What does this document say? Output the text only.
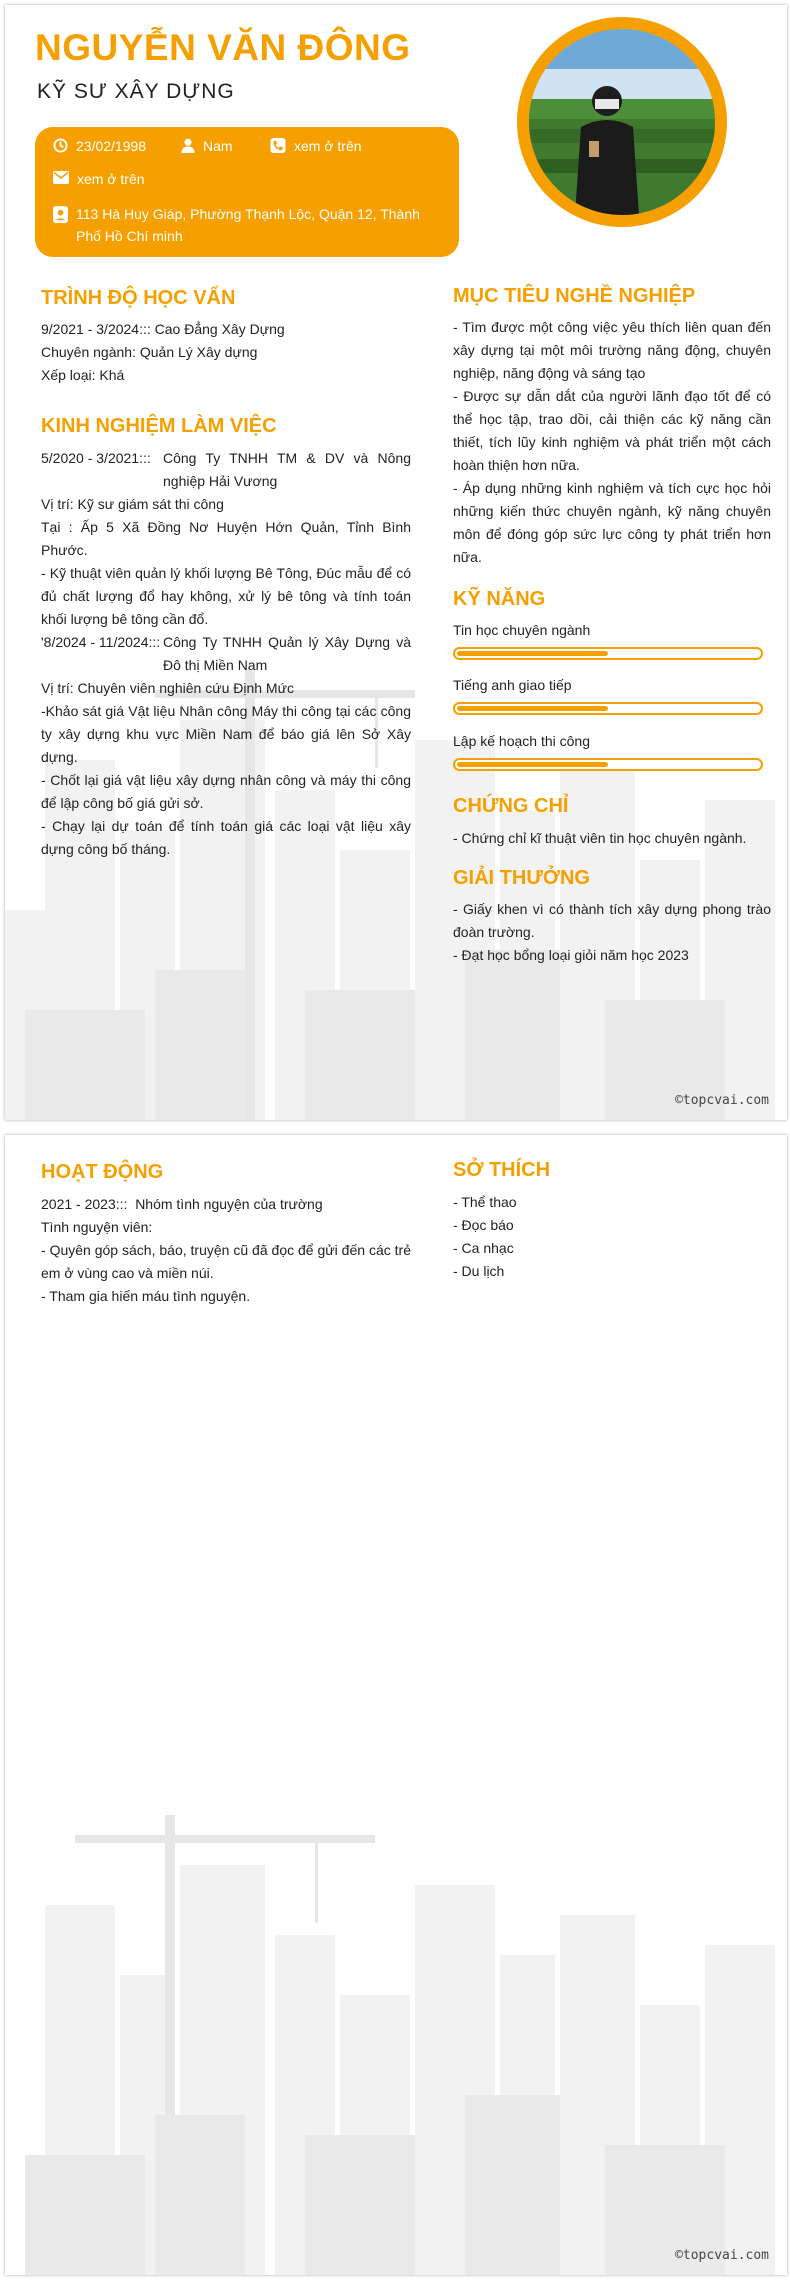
NGUYỄN VĂN ĐÔNG
KỸ SƯ XÂY DỰNG
23/02/1998	Nam	xem ở trên
xem ở trên
113 Hà Huy Giáp, Phường Thạnh Lộc, Quận 12, Thành Phố Hồ Chí minh
TRÌNH ĐỘ HỌC VẤN

9/2021 - 3/2024::: Cao Đẳng Xây Dựng

Chuyên ngành: Quản Lý Xây dựng

Xếp loại: Khá

KINH NGHIỆM LÀM VIỆC
5/2020 - 3/2021::: Công Ty TNHH TM & DV và Nông nghiệp Hải Vương

Vị trí: Kỹ sư giám sát thi công

Tại : Ấp 5 Xã Đồng Nơ Huyện Hớn Quản, Tỉnh Bình Phước.

- Kỹ thuật viên quản lý khối lượng Bê Tông, Đúc mẫu để có đủ chất lượng đổ hay không, xử lý bê tông và tính toán khối lượng bê tông cần đổ.

'8/2024 - 11/2024::: Công Ty TNHH Quản lý Xây Dựng và Đô thị Miền Nam

Vị trí: Chuyên viên nghiên cứu Định Mức

-Khảo sát giá Vật liệu Nhân công Máy thi công tại các công ty xây dựng khu vực Miền Nam để báo giá lên Sở Xây dựng.

- Chốt lại giá vật liệu xây dựng nhân công và máy thi công để lập công bố giá gửi sở.

- Chạy lại dự toán để tính toán giá các loại vật liệu xây dựng công bố tháng.

MỤC TIÊU NGHỀ NGHIỆP

- Tìm được một công việc yêu thích liên quan đến xây dựng tại một môi trường năng động, chuyên nghiệp, năng động và sáng tạo

- Được sự dẫn dắt của người lãnh đạo tốt để có thể học tập, trao dồi, cải thiện các kỹ năng cần thiết, tích lũy kinh nghiệm và phát triển một cách hoàn thiện hơn nữa.

- Áp dụng những kinh nghiệm và tích cực học hỏi những kiến thức chuyên ngành, kỹ năng chuyên môn để đóng góp sức lực công ty phát triển hơn nữa.

KỸ NĂNG
Tin học chuyên ngành
Tiếng anh giao tiếp
Lập kế hoạch thi công
CHỨNG CHỈ

- Chứng chỉ kĩ thuật viên tin học chuyên ngành.

GIẢI THƯỞNG

- Giấy khen vì có thành tích xây dựng phong trào đoàn trường.

- Đạt học bổng loại giỏi năm học 2023

©topcvai.com
HOẠT ĐỘNG

2021 - 2023::: Nhóm tình nguyện của trường

Tình nguyện viên:

- Quyên góp sách, báo, truyện cũ đã đọc để gửi đến các trẻ em ở vùng cao và miền núi.

- Tham gia hiến máu tình nguyện.

SỞ THÍCH

- Thể thao

- Đọc báo

- Ca nhạc

- Du lịch

©topcvai.com
